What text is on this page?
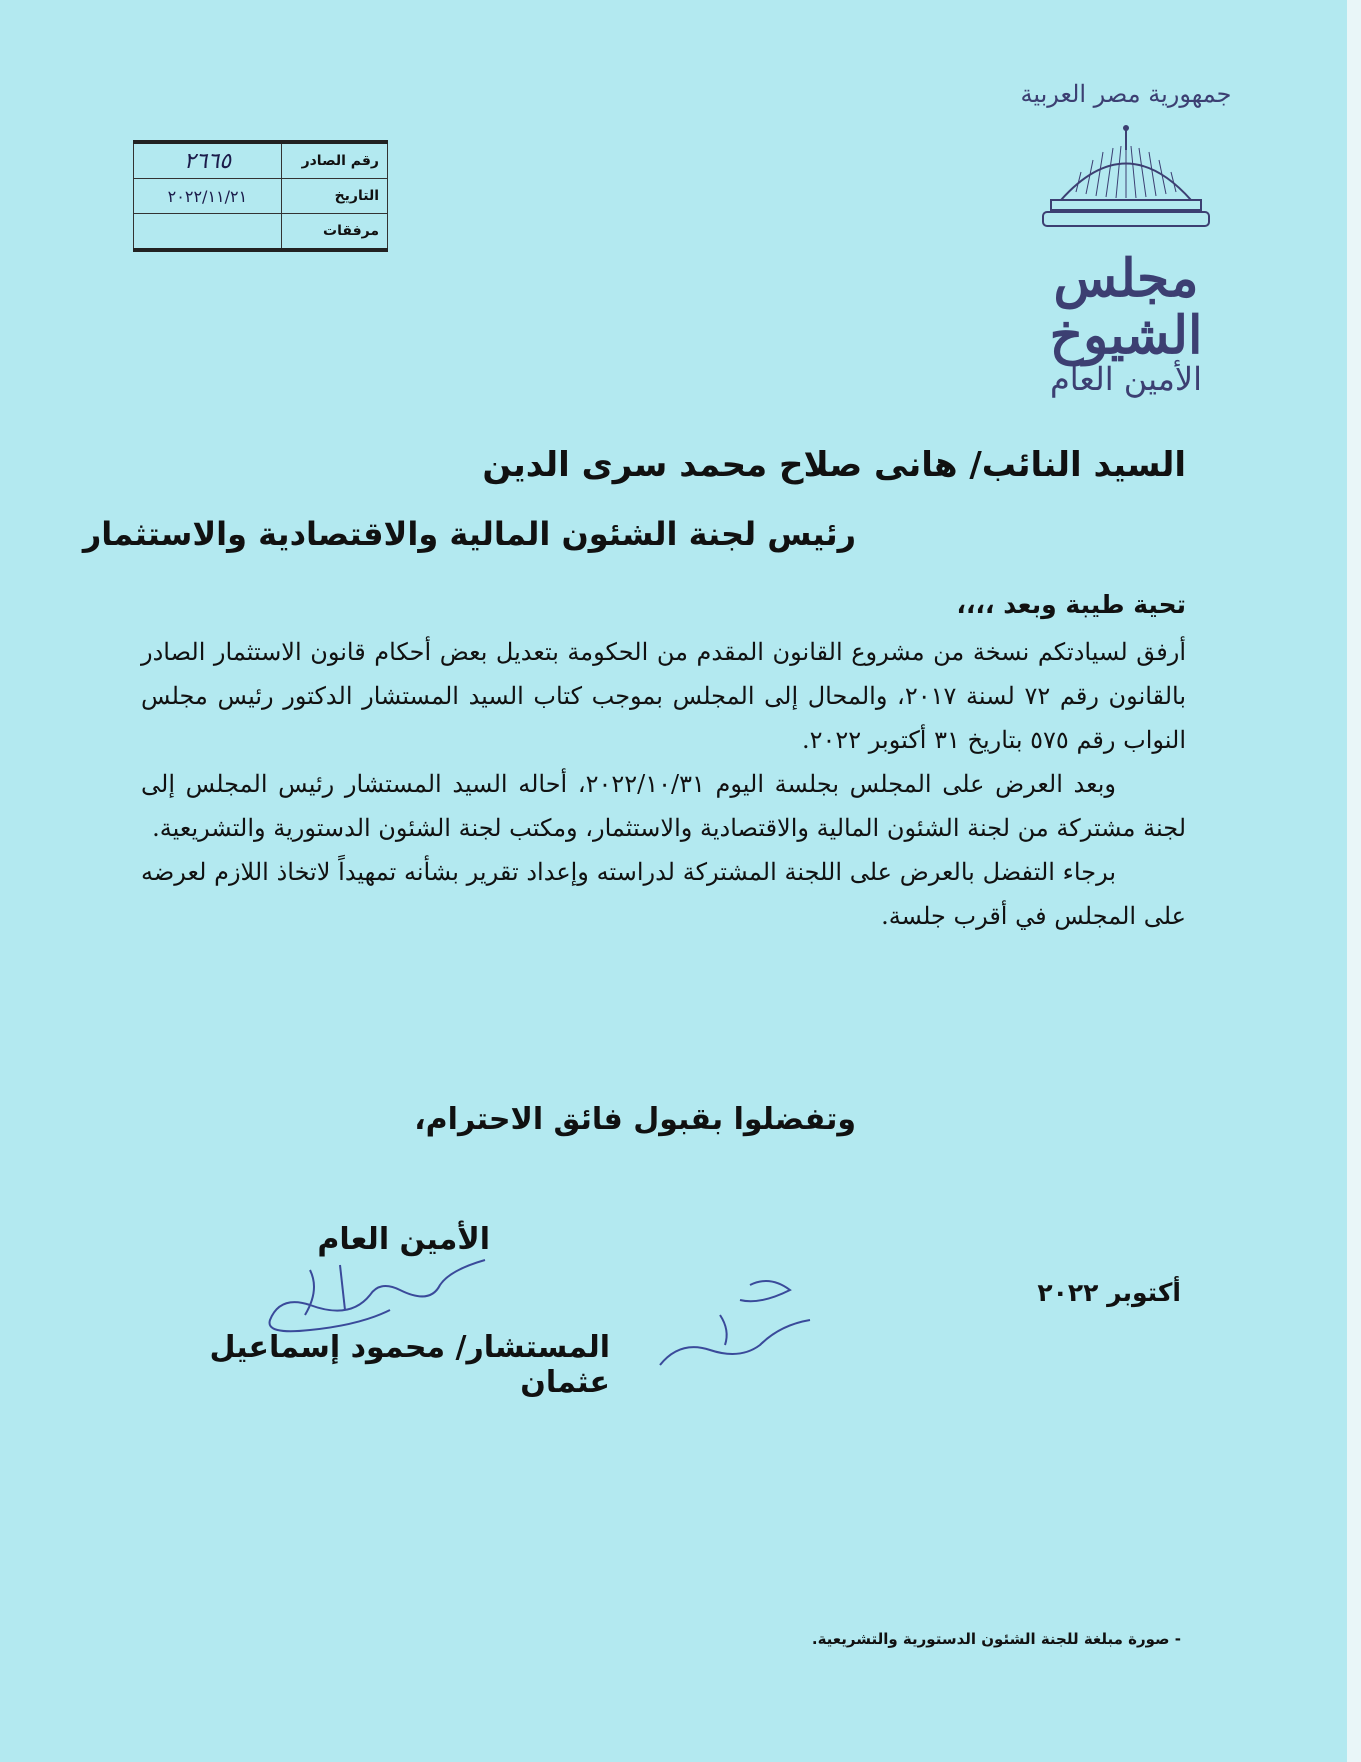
جمهورية مصر العربية
مجلس الشيوخ
الأمين العام
رقم الصادر	٢٦٦٥
التاريخ	٢٠٢٢/١١/٢١
مرفقات	
السيد النائب/ هانى صلاح محمد سرى الدين
رئيس لجنة الشئون المالية والاقتصادية والاستثمار
تحية طيبة وبعد ،،،،

أرفق لسيادتكم نسخة من مشروع القانون المقدم من الحكومة بتعديل بعض أحكام قانون الاستثمار الصادر بالقانون رقم ٧٢ لسنة ٢٠١٧، والمحال إلى المجلس بموجب كتاب السيد المستشار الدكتور رئيس مجلس النواب رقم ٥٧٥ بتاريخ ٣١ أكتوبر ٢٠٢٢.

وبعد العرض على المجلس بجلسة اليوم ٢٠٢٢/١٠/٣١، أحاله السيد المستشار رئيس المجلس إلى لجنة مشتركة من لجنة الشئون المالية والاقتصادية والاستثمار، ومكتب لجنة الشئون الدستورية والتشريعية.

برجاء التفضل بالعرض على اللجنة المشتركة لدراسته وإعداد تقرير بشأنه تمهيداً لاتخاذ اللازم لعرضه على المجلس في أقرب جلسة.

وتفضلوا بقبول فائق الاحترام،
أكتوبر ٢٠٢٢
الأمين العام
المستشار/ محمود إسماعيل عثمان
- صورة مبلغة للجنة الشئون الدستورية والتشريعية.
